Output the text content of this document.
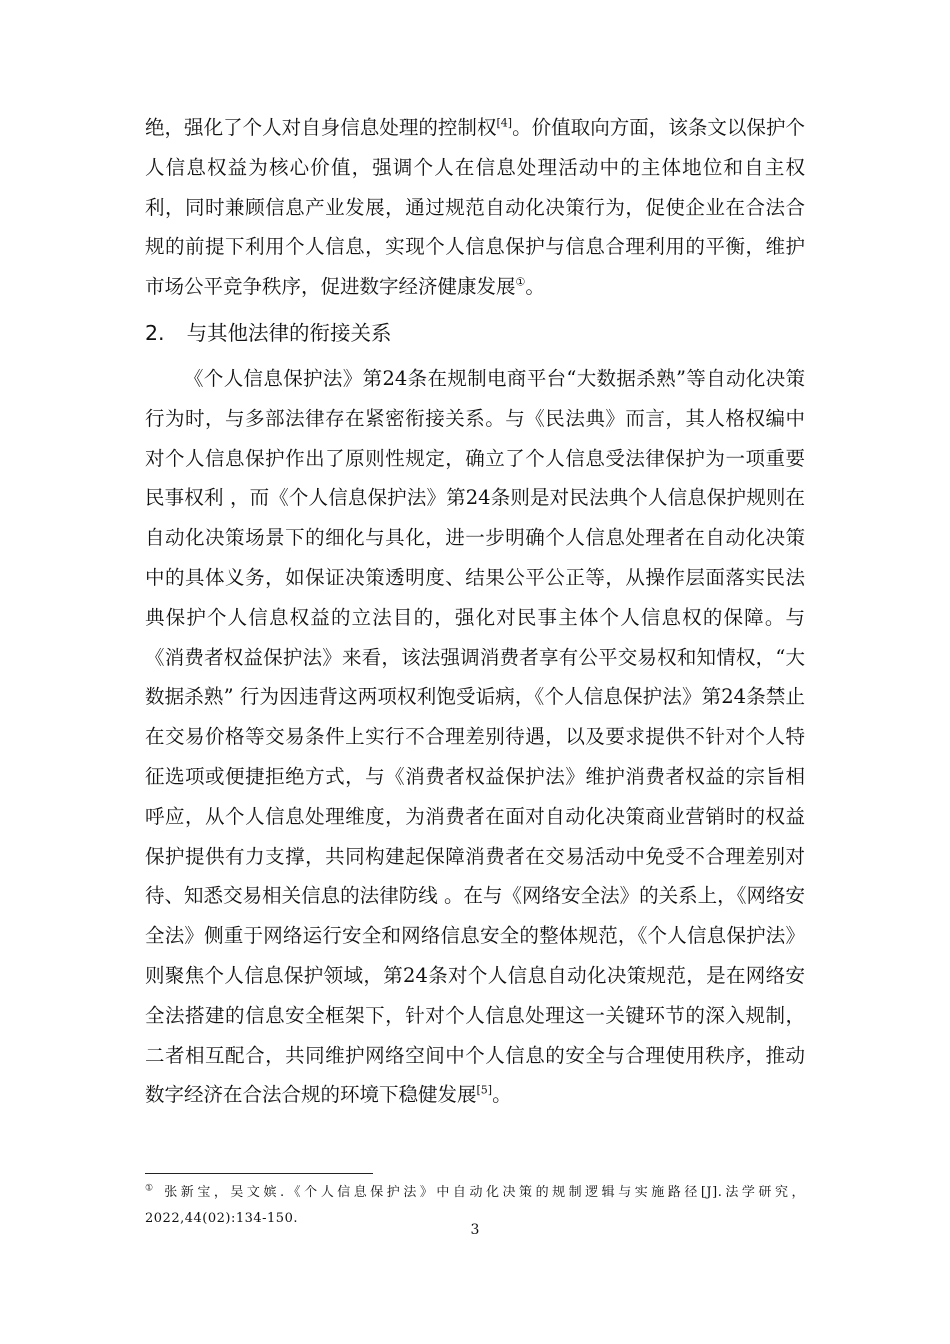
绝，强化了个人对自身信息处理的控制权[4]。价值取向方面，该条文以保护个人信息权益为核心价值，强调个人在信息处理活动中的主体地位和自主权利，同时兼顾信息产业发展，通过规范自动化决策行为，促使企业在合法合规的前提下利用个人信息，实现个人信息保护与信息合理利用的平衡，维护市场公平竞争秩序，促进数字经济健康发展①。

2. 与其他法律的衔接关系

《个人信息保护法》第24条在规制电商平台“大数据杀熟”等自动化决策行为时，与多部法律存在紧密衔接关系。与《民法典》而言，其人格权编中对个人信息保护作出了原则性规定，确立了个人信息受法律保护为一项重要民事权利 ，而《个人信息保护法》第24条则是对民法典个人信息保护规则在自动化决策场景下的细化与具化，进一步明确个人信息处理者在自动化决策中的具体义务，如保证决策透明度、结果公平公正等，从操作层面落实民法典保护个人信息权益的立法目的，强化对民事主体个人信息权的保障。与《消费者权益保护法》来看，该法强调消费者享有公平交易权和知情权，“大数据杀熟” 行为因违背这两项权利饱受诟病，《个人信息保护法》第24条禁止在交易价格等交易条件上实行不合理差别待遇，以及要求提供不针对个人特征选项或便捷拒绝方式，与《消费者权益保护法》维护消费者权益的宗旨相呼应，从个人信息处理维度，为消费者在面对自动化决策商业营销时的权益保护提供有力支撑，共同构建起保障消费者在交易活动中免受不合理差别对待、知悉交易相关信息的法律防线 。在与《网络安全法》的关系上，《网络安全法》侧重于网络运行安全和网络信息安全的整体规范，《个人信息保护法》则聚焦个人信息保护领域，第24条对个人信息自动化决策规范，是在网络安全法搭建的信息安全框架下，针对个人信息处理这一关键环节的深入规制，二者相互配合，共同维护网络空间中个人信息的安全与合理使用秩序，推动数字经济在合法合规的环境下稳健发展[5]。

① 张新宝，吴文嫔.《个人信息保护法》中自动化决策的规制逻辑与实施路径[J].法学研究，2022,44(02):134-150.
3
